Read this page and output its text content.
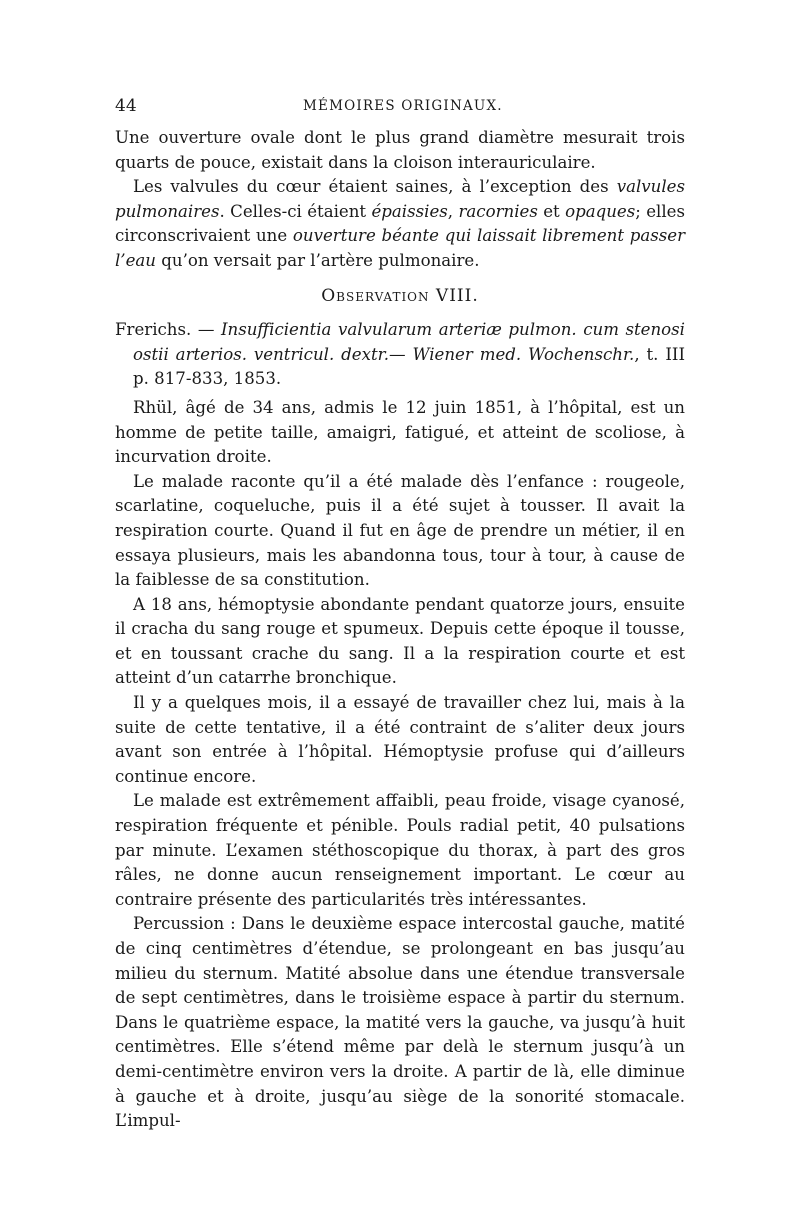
44	MÉMOIRES ORIGINAUX.

Une ouverture ovale dont le plus grand diamètre mesurait trois quarts de pouce, existait dans la cloison interauriculaire.

Les valvules du cœur étaient saines, à l’exception des valvules pulmonaires. Celles-ci étaient épaissies, racornies et opaques; elles circonscrivaient une ouverture béante qui laissait librement passer l’eau qu’on versait par l’artère pulmonaire.

Observation VIII.

Frerichs. — Insufficientia valvularum arteriæ pulmon. cum stenosi ostii arterios. ventricul. dextr.— Wiener med. Wochenschr., t. III p. 817-833, 1853.

Rhül, âgé de 34 ans, admis le 12 juin 1851, à l’hôpital, est un homme de petite taille, amaigri, fatigué, et atteint de scoliose, à incurvation droite.

Le malade raconte qu’il a été malade dès l’enfance : rougeole, scarlatine, coqueluche, puis il a été sujet à tousser. Il avait la respiration courte. Quand il fut en âge de prendre un métier, il en essaya plusieurs, mais les abandonna tous, tour à tour, à cause de la faiblesse de sa constitution.

A 18 ans, hémoptysie abondante pendant quatorze jours, ensuite il cracha du sang rouge et spumeux. Depuis cette époque il tousse, et en toussant crache du sang. Il a la respiration courte et est atteint d’un catarrhe bronchique.

Il y a quelques mois, il a essayé de travailler chez lui, mais à la suite de cette tentative, il a été contraint de s’aliter deux jours avant son entrée à l’hôpital. Hémoptysie profuse qui d’ailleurs continue encore.

Le malade est extrêmement affaibli, peau froide, visage cyanosé, respiration fréquente et pénible. Pouls radial petit, 40 pulsations par minute. L’examen stéthoscopique du thorax, à part des gros râles, ne donne aucun renseignement important. Le cœur au contraire présente des particularités très intéressantes.

Percussion : Dans le deuxième espace intercostal gauche, matité de cinq centimètres d’étendue, se prolongeant en bas jusqu’au milieu du sternum. Matité absolue dans une étendue transversale de sept centimètres, dans le troisième espace à partir du sternum. Dans le quatrième espace, la matité vers la gauche, va jusqu’à huit centimètres. Elle s’étend même par delà le sternum jusqu’à un demi-centimètre environ vers la droite. A partir de là, elle diminue à gauche et à droite, jusqu’au siège de la sonorité stomacale. L’impul-
